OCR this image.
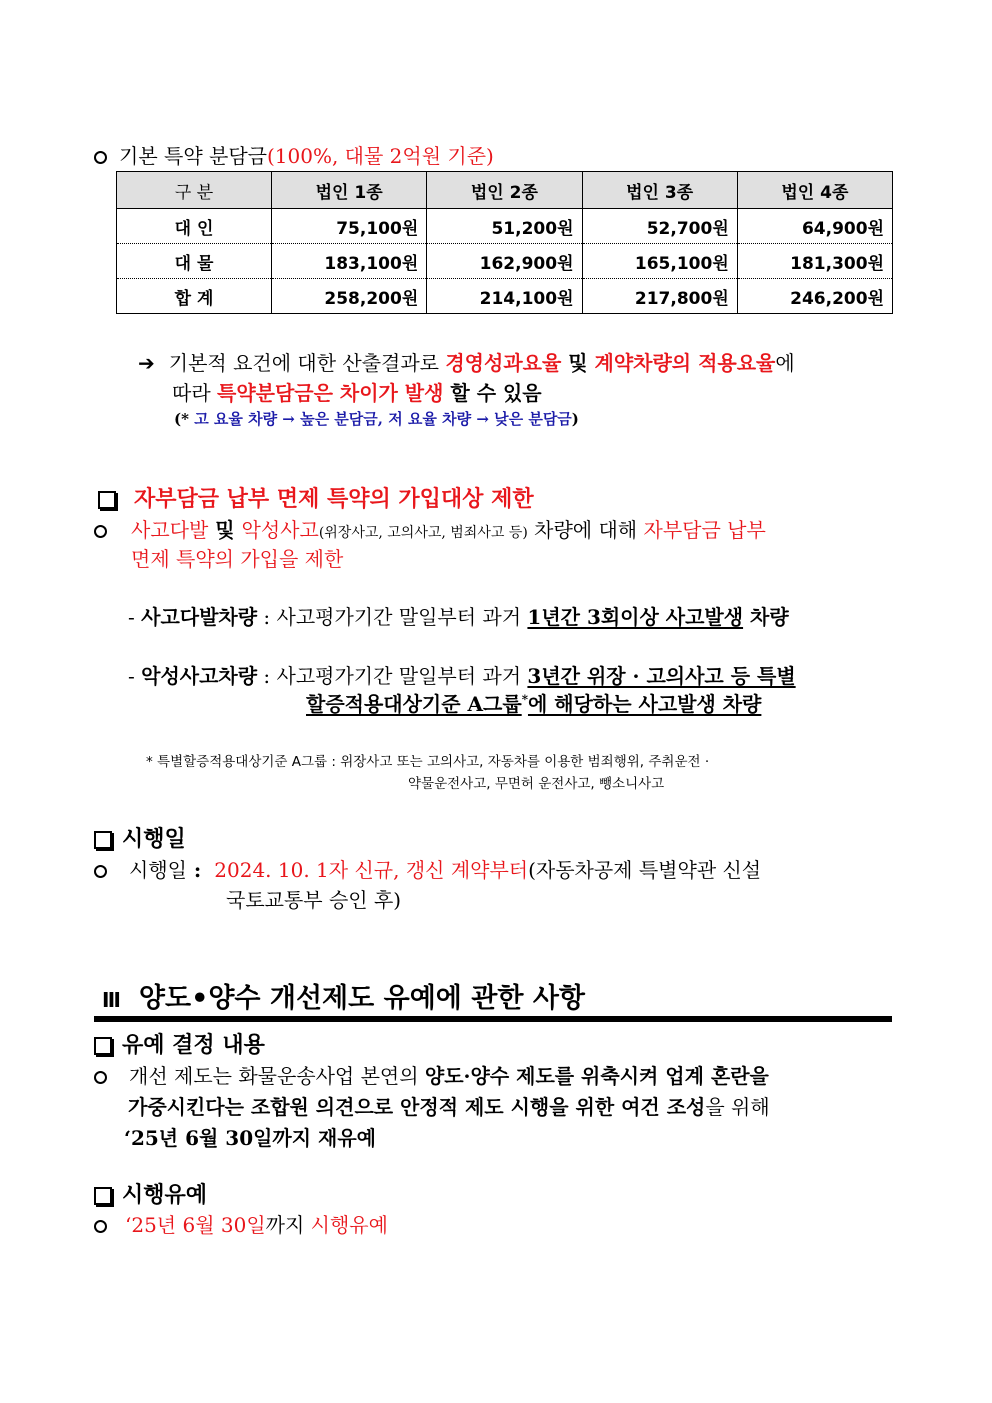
기본 특약 분담금(100%, 대물 2억원 기준)
구 분	법인 1종	법인 2종	법인 3종	법인 4종
대 인	75,100원	51,200원	52,700원	64,900원
대 물	183,100원	162,900원	165,100원	181,300원
합 계	258,200원	214,100원	217,800원	246,200원
➔ 기본적 요건에 대한 산출결과로 경영성과요율 및 계약차량의 적용요율에
따라 특약분담금은 차이가 발생 할 수 있음
(* 고 요율 차량 → 높은 분담금, 저 요율 차량 → 낮은 분담금)
자부담금 납부 면제 특약의 가입대상 제한
사고다발 및 악성사고(위장사고, 고의사고, 범죄사고 등) 차량에 대해 자부담금 납부
면제 특약의 가입을 제한
- 사고다발차량 : 사고평가기간 말일부터 과거 1년간 3회이상 사고발생 차량
- 악성사고차량 : 사고평가기간 말일부터 과거 3년간 위장 · 고의사고 등 특별
할증적용대상기준 A그룹*에 해당하는 사고발생 차량
* 특별할증적용대상기준 A그룹 : 위장사고 또는 고의사고, 자동차를 이용한 범죄행위, 주취운전 ·
약물운전사고, 무면허 운전사고, 뺑소니사고
시행일
시행일 : 2024. 10. 1자 신규, 갱신 계약부터(자동차공제 특별약관 신설
국토교통부 승인 후)
Ⅲ 양도•양수 개선제도 유예에 관한 사항
유예 결정 내용
개선 제도는 화물운송사업 본연의 양도·양수 제도를 위축시켜 업계 혼란을
가중시킨다는 조합원 의견으로 안정적 제도 시행을 위한 여건 조성을 위해
‘25년 6월 30일까지 재유예
시행유예
‘25년 6월 30일까지 시행유예
